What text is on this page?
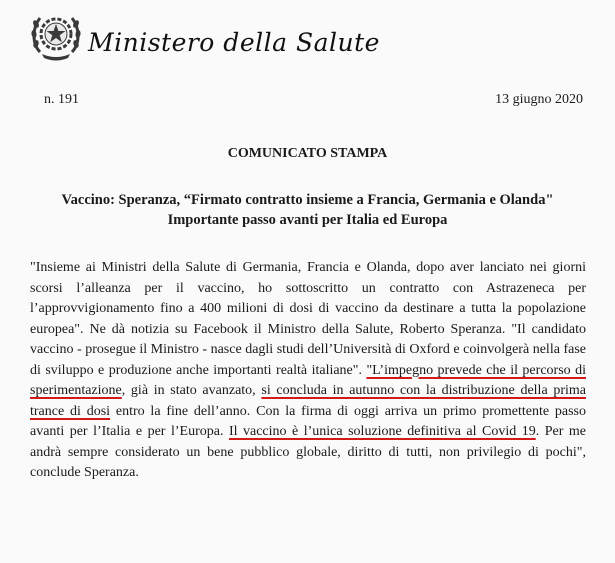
Ministero della Salute
n. 191	13 giugno 2020
COMUNICATO STAMPA
Vaccino: Speranza, “Firmato contratto insieme a Francia, Germania e Olanda"
Importante passo avanti per Italia ed Europa

"Insieme ai Ministri della Salute di Germania, Francia e Olanda, dopo aver lanciato nei giorni scorsi l’alleanza per il vaccino, ho sottoscritto un contratto con Astrazeneca per l’approvvigionamento fino a 400 milioni di dosi di vaccino da destinare a tutta la popolazione europea". Ne dà notizia su Facebook il Ministro della Salute, Roberto Speranza. "Il candidato vaccino - prosegue il Ministro - nasce dagli studi dell’Università di Oxford e coinvolgerà nella fase di sviluppo e produzione anche importanti realtà italiane". "L’impegno prevede che il percorso di sperimentazione, già in stato avanzato, si concluda in autunno con la distribuzione della prima trance di dosi entro la fine dell’anno. Con la firma di oggi arriva un primo promettente passo avanti per l’Italia e per l’Europa. Il vaccino è l’unica soluzione definitiva al Covid 19. Per me andrà sempre considerato un bene pubblico globale, diritto di tutti, non privilegio di pochi", conclude Speranza.
